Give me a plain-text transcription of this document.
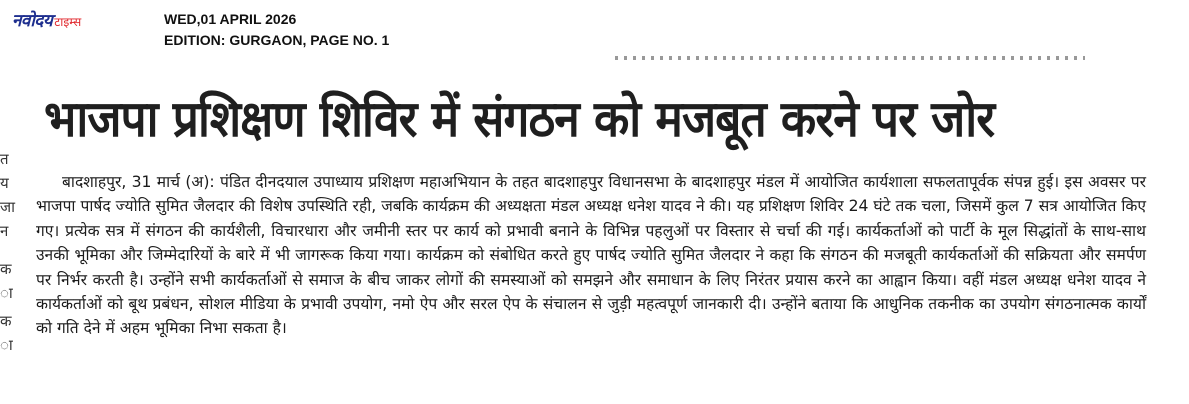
नवोदय टाइम्स	WED,01 APRIL 2026
EDITION: GURGAON, PAGE NO. 1
त
य
जा
न
क
ा
क
ा
भाजपा प्रशिक्षण शिविर में संगठन को मजबूत करने पर जोर
बादशाहपुर, 31 मार्च (अ): पंडित दीनदयाल उपाध्याय प्रशिक्षण महाअभियान के तहत बादशाहपुर विधानसभा के बादशाहपुर मंडल में आयोजित कार्यशाला सफलतापूर्वक संपन्न हुई। इस अवसर पर भाजपा पार्षद ज्योति सुमित जैलदार की विशेष उपस्थिति रही, जबकि कार्यक्रम की अध्यक्षता मंडल अध्यक्ष धनेश यादव ने की। यह प्रशिक्षण शिविर 24 घंटे तक चला, जिसमें कुल 7 सत्र आयोजित किए गए। प्रत्येक सत्र में संगठन की कार्यशैली, विचारधारा और जमीनी स्तर पर कार्य को प्रभावी बनाने के विभिन्न पहलुओं पर विस्तार से चर्चा की गई। कार्यकर्ताओं को पार्टी के मूल सिद्धांतों के साथ-साथ उनकी भूमिका और जिम्मेदारियों के बारे में भी जागरूक किया गया। कार्यक्रम को संबोधित करते हुए पार्षद ज्योति सुमित जैलदार ने कहा कि संगठन की मजबूती कार्यकर्ताओं की सक्रियता और समर्पण पर निर्भर करती है। उन्होंने सभी कार्यकर्ताओं से समाज के बीच जाकर लोगों की समस्याओं को समझने और समाधान के लिए निरंतर प्रयास करने का आह्वान किया। वहीं मंडल अध्यक्ष धनेश यादव ने कार्यकर्ताओं को बूथ प्रबंधन, सोशल मीडिया के प्रभावी उपयोग, नमो ऐप और सरल ऐप के संचालन से जुड़ी महत्वपूर्ण जानकारी दी। उन्होंने बताया कि आधुनिक तकनीक का उपयोग संगठनात्मक कार्यों को गति देने में अहम भूमिका निभा सकता है।
